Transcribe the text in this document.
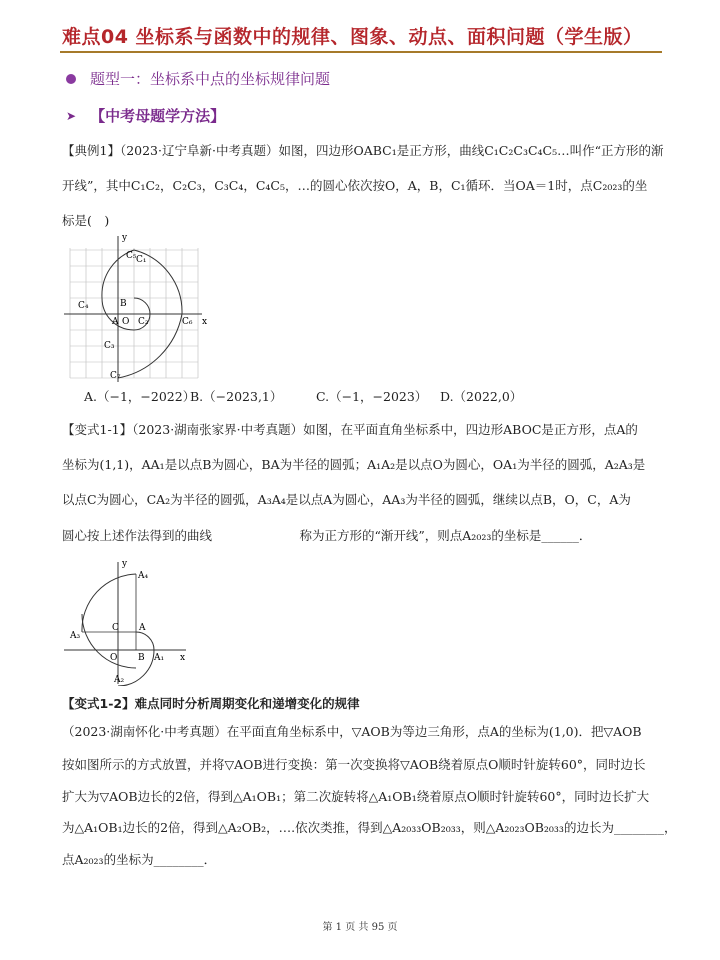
难点04 坐标系与函数中的规律、图象、动点、面积问题（学生版）
题型一：坐标系中点的坐标规律问题
➤ 【中考母题学方法】
【典例1】（2023·辽宁阜新·中考真题）如图，四边形OABC₁是正方形，曲线C₁C₂C₃C₄C₅…叫作“正方形的渐
开线”，其中C₁C₂，C₂C₃，C₃C₄，C₄C₅，…的圆心依次按O，A，B，C₁循环．当OA＝1时，点C₂₀₂₃的坐
标是(　)
y
x
C₁
C₂
C₃
C₄
C₅
C₆
C₇
A O
B
A.（−1，−2022）
B.（−2023,1）	C.（−1，−2023） D.（2022,0）
【变式1-1】（2023·湖南张家界·中考真题）如图，在平面直角坐标系中，四边形ABOC是正方形，点A的
坐标为(1,1)，AA₁是以点B为圆心，BA为半径的圆弧；A₁A₂是以点O为圆心，OA₁为半径的圆弧，A₂A₃是
以点C为圆心，CA₂为半径的圆弧，A₃A₄是以点A为圆心，AA₃为半径的圆弧，继续以点B，O，C，A为
圆心按上述作法得到的曲线　　　　　　　称为正方形的“渐开线”，则点A₂₀₂₃的坐标是______．
y
x
A₄
A₃
A₂
A₁
A
B
C
O
【变式1-2】难点同时分析周期变化和递增变化的规律
（2023·湖南怀化·中考真题）在平面直角坐标系中，▽AOB为等边三角形，点A的坐标为(1,0)．把▽AOB
按如图所示的方式放置，并将▽AOB进行变换：第一次变换将▽AOB绕着原点O顺时针旋转60°，同时边长
扩大为▽AOB边长的2倍，得到△A₁OB₁；第二次旋转将△A₁OB₁绕着原点O顺时针旋转60°，同时边长扩大
为△A₁OB₁边长的2倍，得到△A₂OB₂，….依次类推，得到△A₂₀₃₃OB₂₀₃₃，则△A₂₀₂₃OB₂₀₃₃的边长为________，
点A₂₀₂₃的坐标为________．
第 1 页 共 95 页
